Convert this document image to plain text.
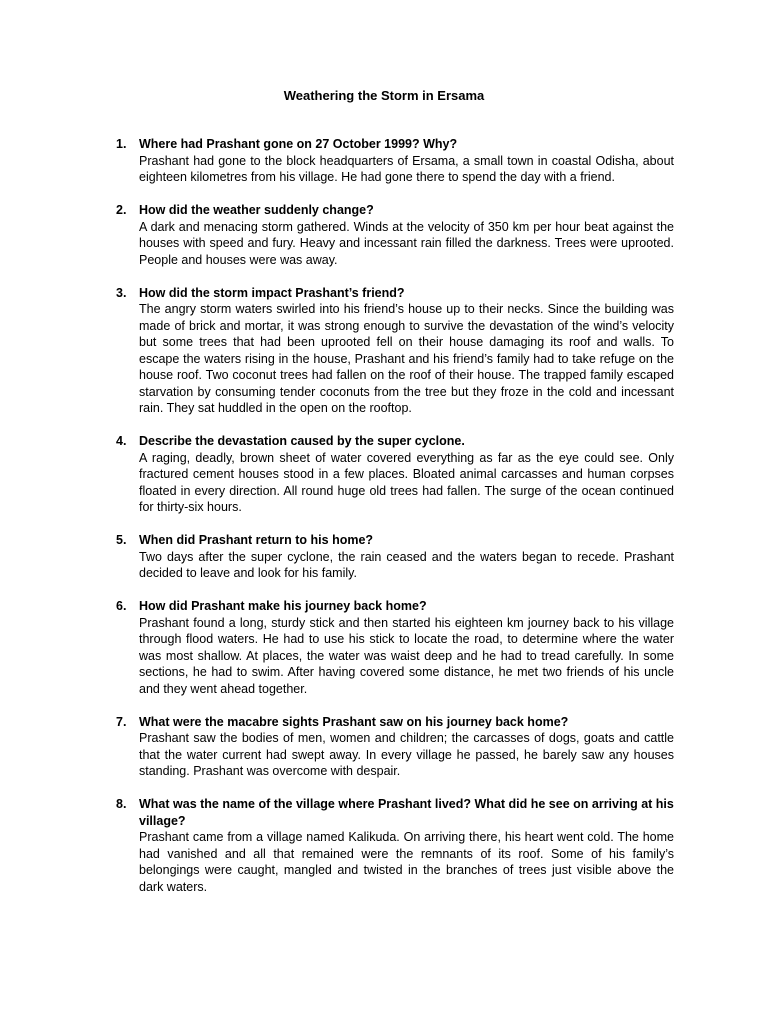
Weathering the Storm in Ersama
1. Where had Prashant gone on 27 October 1999? Why?

Prashant had gone to the block headquarters of Ersama, a small town in coastal Odisha, about eighteen kilometres from his village. He had gone there to spend the day with a friend.

2. How did the weather suddenly change?

A dark and menacing storm gathered. Winds at the velocity of 350 km per hour beat against the houses with speed and fury. Heavy and incessant rain filled the darkness. Trees were uprooted. People and houses were was away.

3. How did the storm impact Prashant’s friend?

The angry storm waters swirled into his friend’s house up to their necks. Since the building was made of brick and mortar, it was strong enough to survive the devastation of the wind’s velocity but some trees that had been uprooted fell on their house damaging its roof and walls. To escape the waters rising in the house, Prashant and his friend’s family had to take refuge on the house roof. Two coconut trees had fallen on the roof of their house. The trapped family escaped starvation by consuming tender coconuts from the tree but they froze in the cold and incessant rain. They sat huddled in the open on the rooftop.

4. Describe the devastation caused by the super cyclone.

A raging, deadly, brown sheet of water covered everything as far as the eye could see. Only fractured cement houses stood in a few places. Bloated animal carcasses and human corpses floated in every direction. All round huge old trees had fallen. The surge of the ocean continued for thirty-six hours.

5. When did Prashant return to his home?

Two days after the super cyclone, the rain ceased and the waters began to recede. Prashant decided to leave and look for his family.

6. How did Prashant make his journey back home?

Prashant found a long, sturdy stick and then started his eighteen km journey back to his village through flood waters. He had to use his stick to locate the road, to determine where the water was most shallow. At places, the water was waist deep and he had to tread carefully. In some sections, he had to swim. After having covered some distance, he met two friends of his uncle and they went ahead together.

7. What were the macabre sights Prashant saw on his journey back home?

Prashant saw the bodies of men, women and children; the carcasses of dogs, goats and cattle that the water current had swept away. In every village he passed, he barely saw any houses standing. Prashant was overcome with despair.

8. What was the name of the village where Prashant lived? What did he see on arriving at his village?

Prashant came from a village named Kalikuda. On arriving there, his heart went cold. The home had vanished and all that remained were the remnants of its roof. Some of his family’s belongings were caught, mangled and twisted in the branches of trees just visible above the dark waters.
